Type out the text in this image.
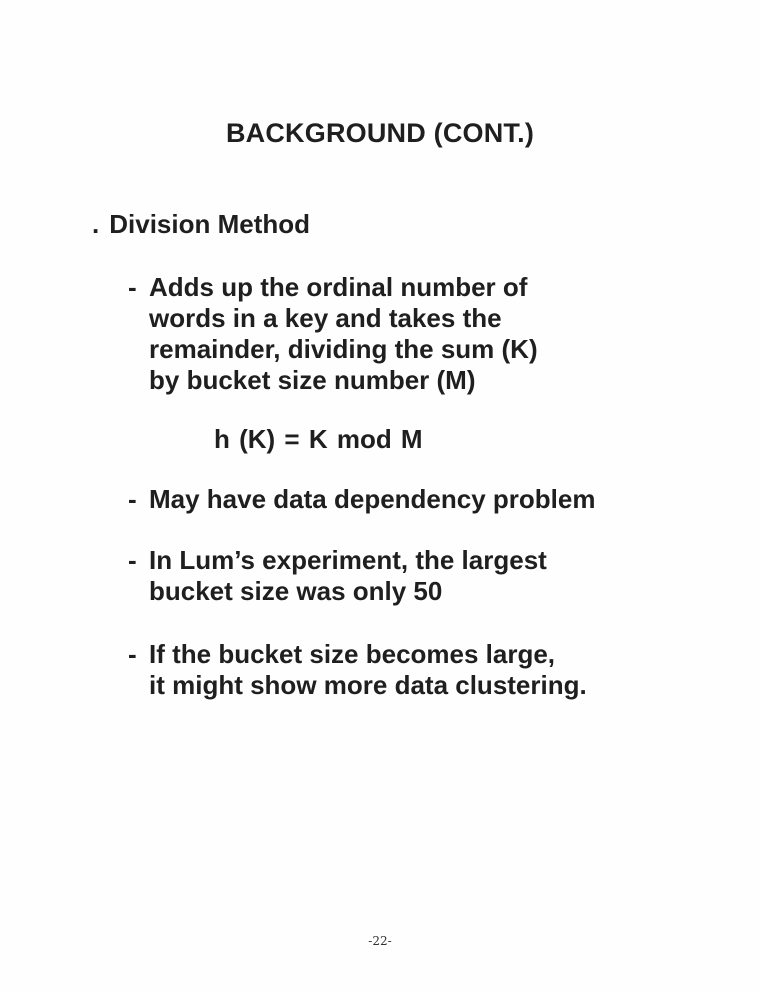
BACKGROUND (CONT.)
. Division Method
- Adds up the ordinal number of
words in a key and takes the
remainder, dividing the sum (K)
by bucket size number (M)
h (K) = K mod M
- May have data dependency problem
- In Lum’s experiment, the largest
bucket size was only 50
- If the bucket size becomes large,
it might show more data clustering.
-22-
